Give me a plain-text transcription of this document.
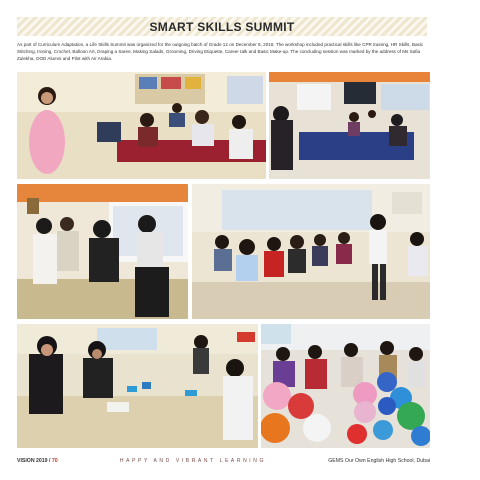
SMART SKILLS SUMMIT

As part of Curriculum Adaptation, a Life Skills Summit was organized for the outgoing batch of Grade 12 on December 8, 2018. The workshop included practical skills like CPR training, HR Skills, Basic Stitching, Ironing, Crochet, Balloon Art, Draping a Saree, Making Salads, Grooming, Driving Etiquette, Career talk and Basic Make-up. The concluding session was marked by the address of Ms Safia Zulekha, OOD Alumni and Pilot with Air Arabia.

VISION 2019 / 70	HAPPY AND VIBRANT LEARNING	GEMS Our Own English High School, Dubai
